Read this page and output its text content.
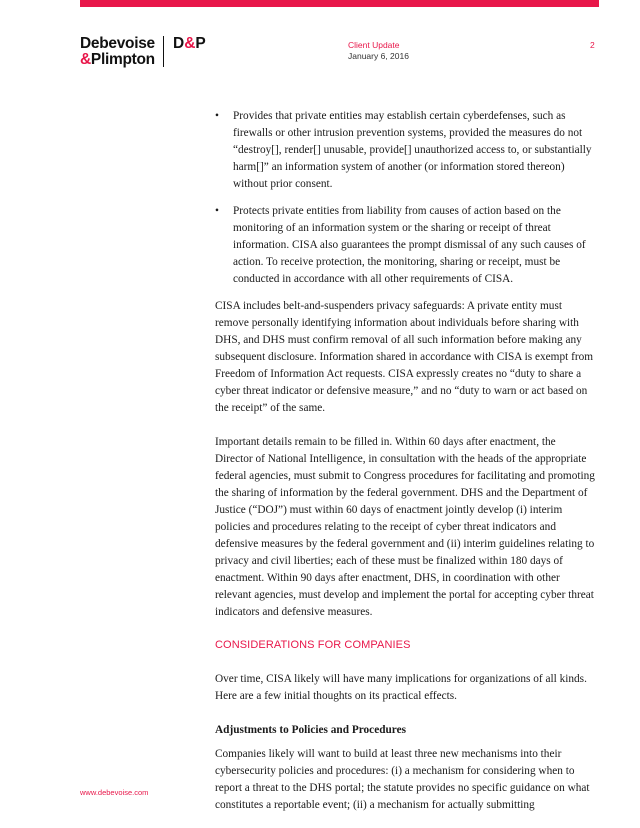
Debevoise
&Plimpton
D&P	Client Update
January 6, 2016
2
• Provides that private entities may establish certain cyberdefenses, such as firewalls or other intrusion prevention systems, provided the measures do not “destroy[], render[] unusable, provide[] unauthorized access to, or substantially harm[]” an information system of another (or information stored thereon) without prior consent.
• Protects private entities from liability from causes of action based on the monitoring of an information system or the sharing or receipt of threat information. CISA also guarantees the prompt dismissal of any such causes of action. To receive protection, the monitoring, sharing or receipt, must be conducted in accordance with all other requirements of CISA.

CISA includes belt-and-suspenders privacy safeguards: A private entity must remove personally identifying information about individuals before sharing with DHS, and DHS must confirm removal of all such information before making any subsequent disclosure. Information shared in accordance with CISA is exempt from Freedom of Information Act requests. CISA expressly creates no “duty to share a cyber threat indicator or defensive measure,” and no “duty to warn or act based on the receipt” of the same.

Important details remain to be filled in. Within 60 days after enactment, the Director of National Intelligence, in consultation with the heads of the appropriate federal agencies, must submit to Congress procedures for facilitating and promoting the sharing of information by the federal government. DHS and the Department of Justice (“DOJ”) must within 60 days of enactment jointly develop (i) interim policies and procedures relating to the receipt of cyber threat indicators and defensive measures by the federal government and (ii) interim guidelines relating to privacy and civil liberties; each of these must be finalized within 180 days of enactment. Within 90 days after enactment, DHS, in coordination with other relevant agencies, must develop and implement the portal for accepting cyber threat indicators and defensive measures.

CONSIDERATIONS FOR COMPANIES

Over time, CISA likely will have many implications for organizations of all kinds. Here are a few initial thoughts on its practical effects.

Adjustments to Policies and Procedures

Companies likely will want to build at least three new mechanisms into their cybersecurity policies and procedures: (i) a mechanism for considering when to report a threat to the DHS portal; the statute provides no specific guidance on what constitutes a reportable event; (ii) a mechanism for actually submitting

www.debevoise.com
